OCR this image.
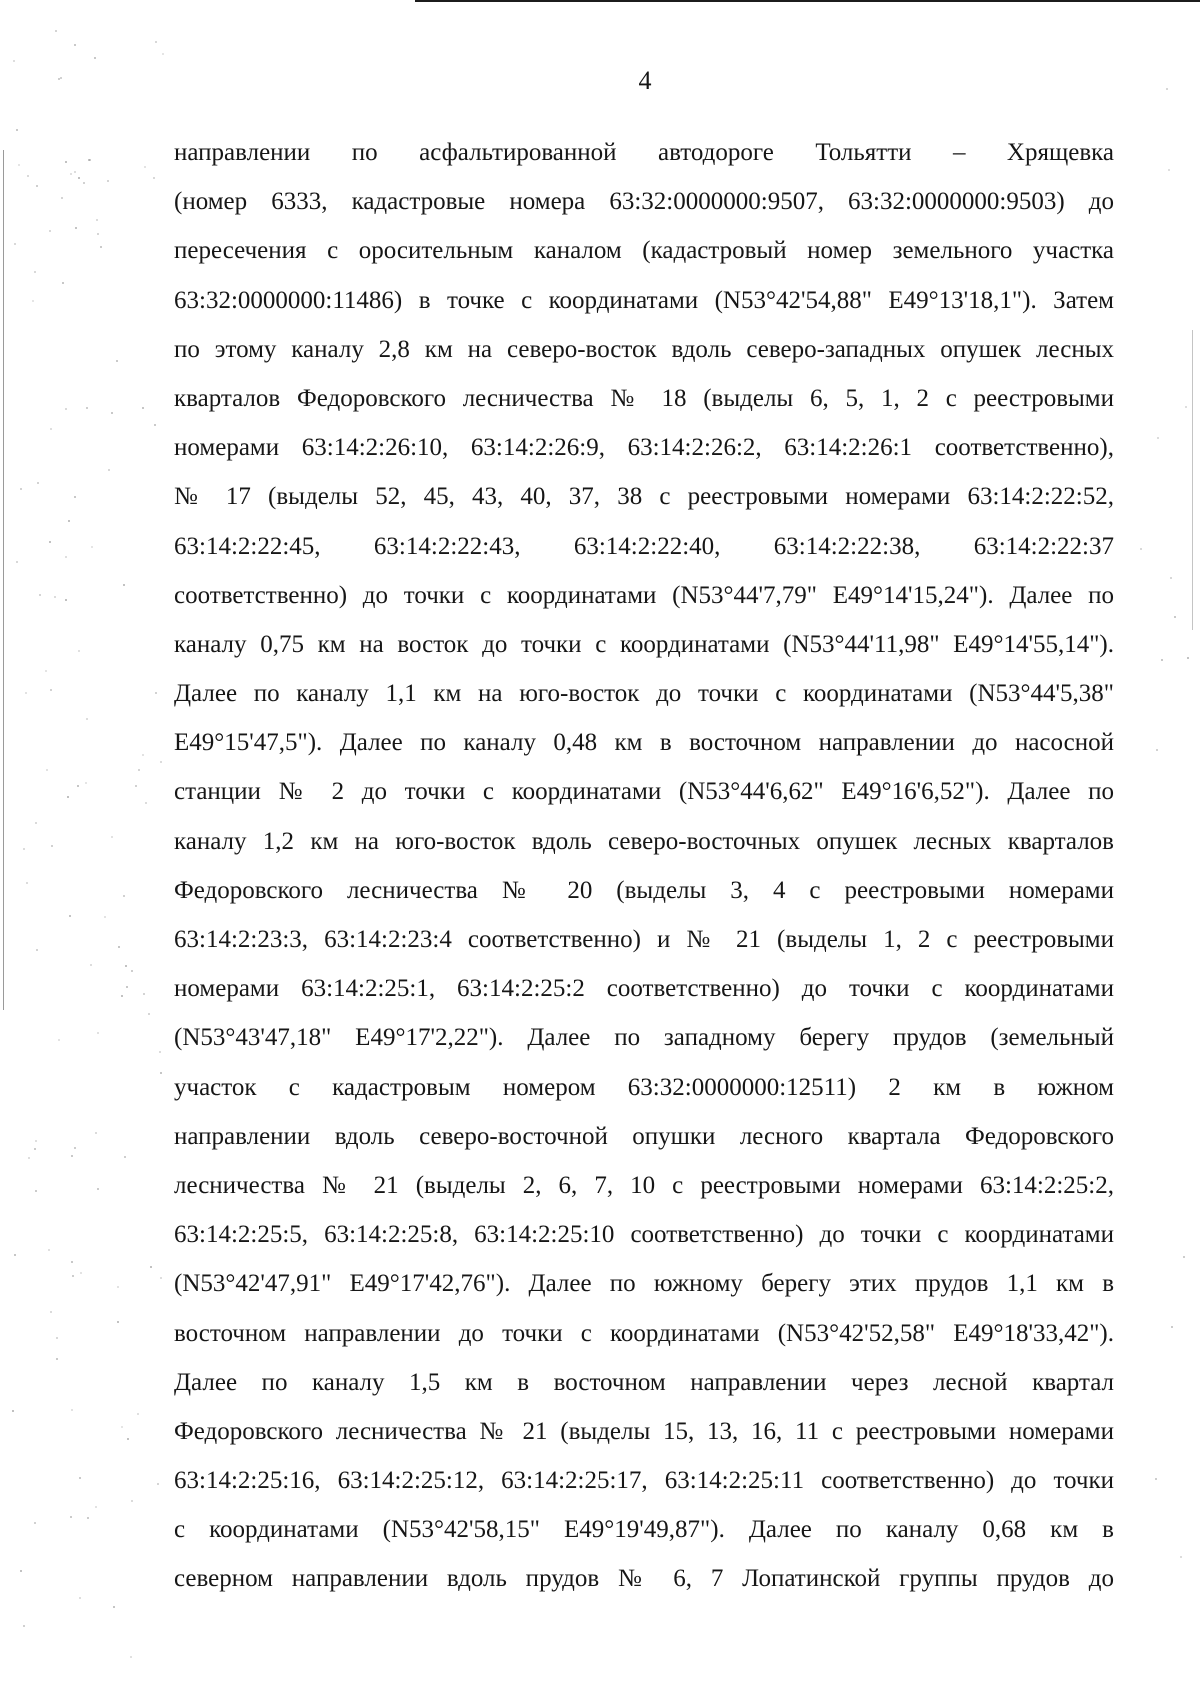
4
направлении по асфальтированной автодороге Тольятти – Хрящевка
(номер 6333, кадастровые номера 63:32:0000000:9507, 63:32:0000000:9503) до
пересечения с оросительным каналом (кадастровый номер земельного участка
63:32:0000000:11486) в точке с координатами (N53°42'54,88" E49°13'18,1"). Затем
по этому каналу 2,8 км на северо-восток вдоль северо-западных опушек лесных
кварталов Федоровского лесничества № 18 (выделы 6, 5, 1, 2 с реестровыми
номерами 63:14:2:26:10, 63:14:2:26:9, 63:14:2:26:2, 63:14:2:26:1 соответственно),
№ 17 (выделы 52, 45, 43, 40, 37, 38 с реестровыми номерами 63:14:2:22:52,
63:14:2:22:45, 63:14:2:22:43, 63:14:2:22:40, 63:14:2:22:38, 63:14:2:22:37
соответственно) до точки с координатами (N53°44'7,79" E49°14'15,24"). Далее по
каналу 0,75 км на восток до точки с координатами (N53°44'11,98" E49°14'55,14").
Далее по каналу 1,1 км на юго-восток до точки с координатами (N53°44'5,38"
E49°15'47,5"). Далее по каналу 0,48 км в восточном направлении до насосной
станции № 2 до точки с координатами (N53°44'6,62" E49°16'6,52"). Далее по
каналу 1,2 км на юго-восток вдоль северо-восточных опушек лесных кварталов
Федоровского лесничества № 20 (выделы 3, 4 с реестровыми номерами
63:14:2:23:3, 63:14:2:23:4 соответственно) и № 21 (выделы 1, 2 с реестровыми
номерами 63:14:2:25:1, 63:14:2:25:2 соответственно) до точки с координатами
(N53°43'47,18" E49°17'2,22"). Далее по западному берегу прудов (земельный
участок с кадастровым номером 63:32:0000000:12511) 2 км в южном
направлении вдоль северо-восточной опушки лесного квартала Федоровского
лесничества № 21 (выделы 2, 6, 7, 10 с реестровыми номерами 63:14:2:25:2,
63:14:2:25:5, 63:14:2:25:8, 63:14:2:25:10 соответственно) до точки с координатами
(N53°42'47,91" E49°17'42,76"). Далее по южному берегу этих прудов 1,1 км в
восточном направлении до точки с координатами (N53°42'52,58" E49°18'33,42").
Далее по каналу 1,5 км в восточном направлении через лесной квартал
Федоровского лесничества № 21 (выделы 15, 13, 16, 11 с реестровыми номерами
63:14:2:25:16, 63:14:2:25:12, 63:14:2:25:17, 63:14:2:25:11 соответственно) до точки
с координатами (N53°42'58,15" E49°19'49,87"). Далее по каналу 0,68 км в
северном направлении вдоль прудов № 6, 7 Лопатинской группы прудов до
